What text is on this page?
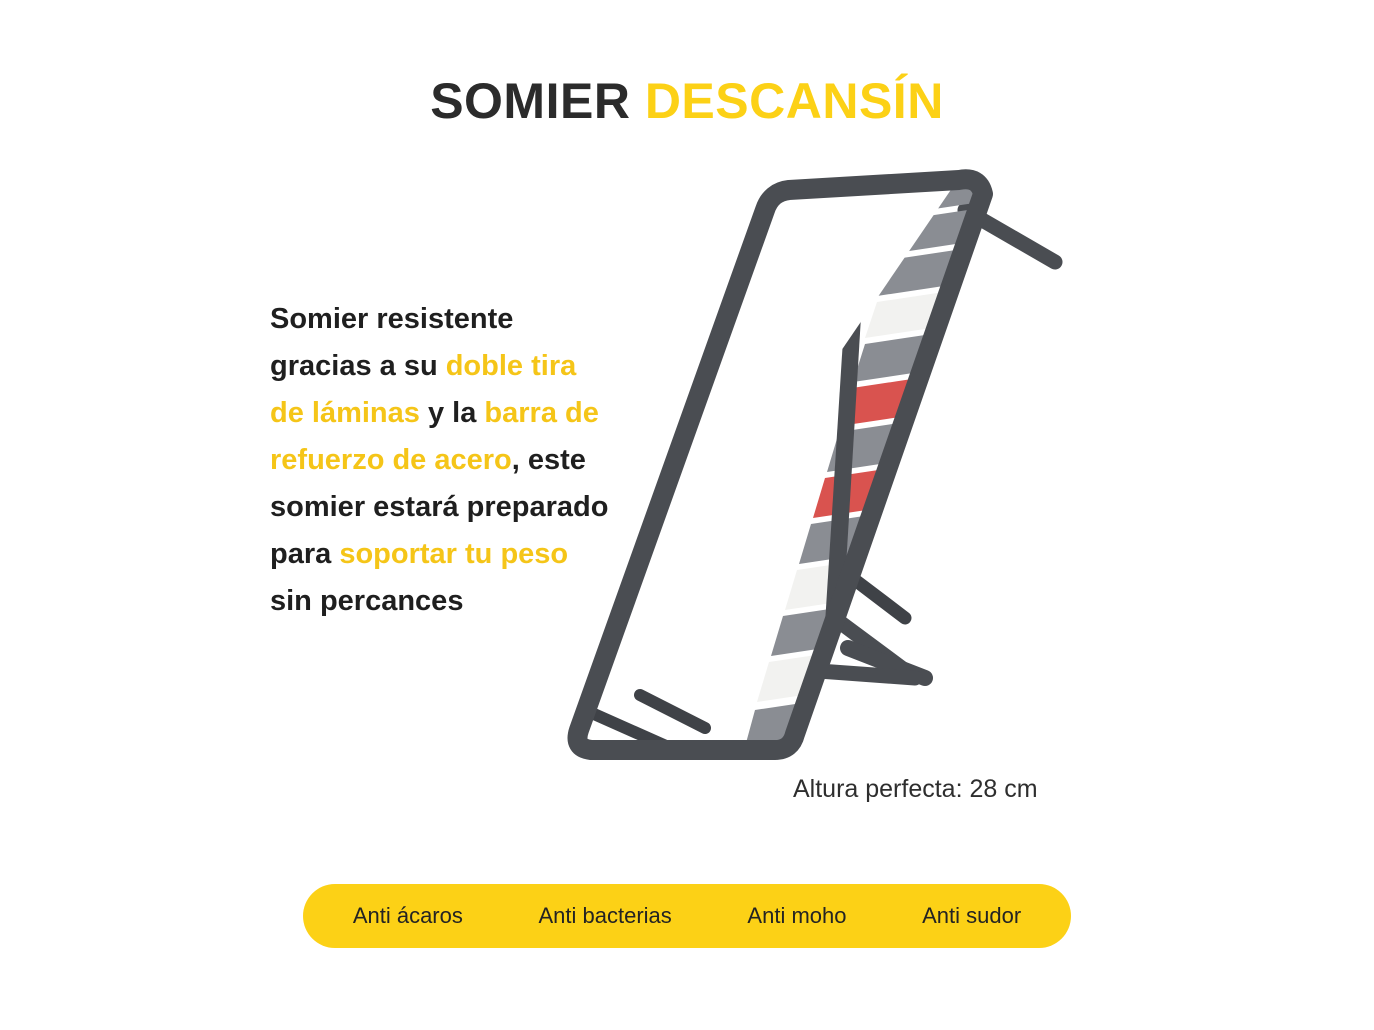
SOMIER DESCANSÍN
Somier resistente gracias a su doble tira de láminas y la barra de refuerzo de acero, este somier estará preparado para soportar tu peso sin percances
Altura perfecta: 28 cm
Anti ácaros	Anti bacterias	Anti moho	Anti sudor
